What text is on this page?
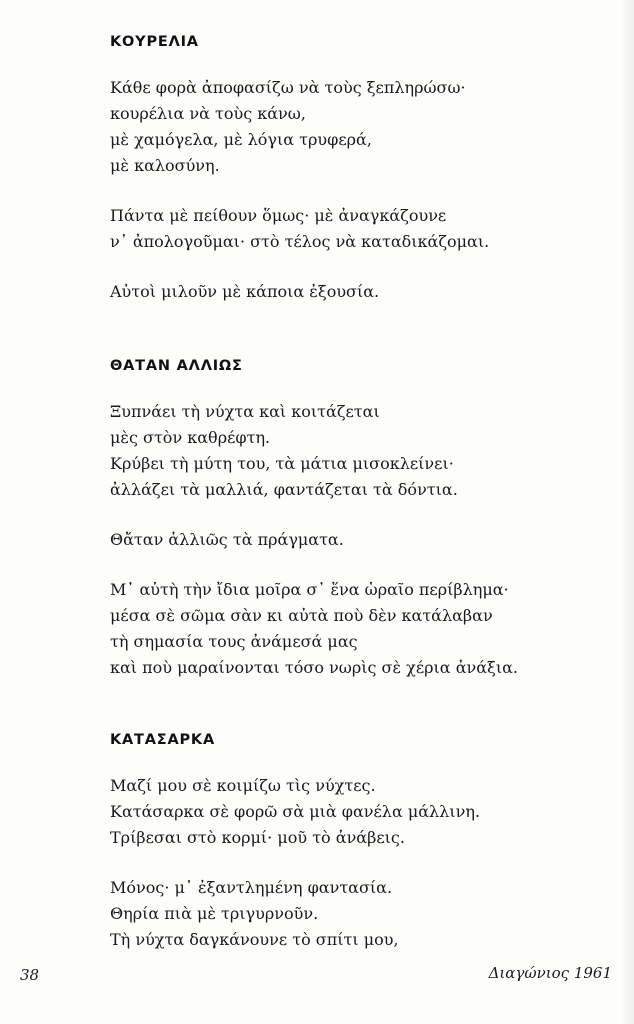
ΚΟΥΡΕΛΙΑ
Κάθε φορὰ ἀποφασίζω νὰ τοὺς ξεπληρώσω·
κουρέλια νὰ τοὺς κάνω,
μὲ χαμόγελα, μὲ λόγια τρυφερά,
μὲ καλοσύνη.
Πάντα μὲ πείθουν ὅμως· μὲ ἀναγκάζουνε
ν᾽ ἀπολογοῦμαι· στὸ τέλος νὰ καταδικάζομαι.
Αὐτοὶ μιλοῦν μὲ κάποια ἐξουσία.
ΘΑΤΑΝ ΑΛΛΙΩΣ
Ξυπνάει τὴ νύχτα καὶ κοιτάζεται
μὲς στὸν καθρέφτη.
Κρύβει τὴ μύτη του, τὰ μάτια μισοκλείνει·
ἀλλάζει τὰ μαλλιά, φαντάζεται τὰ δόντια.
Θἄταν ἀλλιῶς τὰ πράγματα.
Μ᾽ αὐτὴ τὴν ἴδια μοῖρα σ᾽ ἕνα ὡραῖο περίβλημα·
μέσα σὲ σῶμα σὰν κι αὐτὰ ποὺ δὲν κατάλαβαν
τὴ σημασία τους ἀνάμεσά μας
καὶ ποὺ μαραίνονται τόσο νωρὶς σὲ χέρια ἀνάξια.
ΚΑΤΑΣΑΡΚΑ
Μαζί μου σὲ κοιμίζω τὶς νύχτες.
Κατάσαρκα σὲ φορῶ σὰ μιὰ φανέλα μάλλινη.
Τρίβεσαι στὸ κορμί· μοῦ τὸ ἀνάβεις.
Μόνος· μ᾽ ἐξαντλημένη φαντασία.
Θηρία πιὰ μὲ τριγυρνοῦν.
Τὴ νύχτα δαγκάνουνε τὸ σπίτι μου,
38	Διαγώνιος 1961
